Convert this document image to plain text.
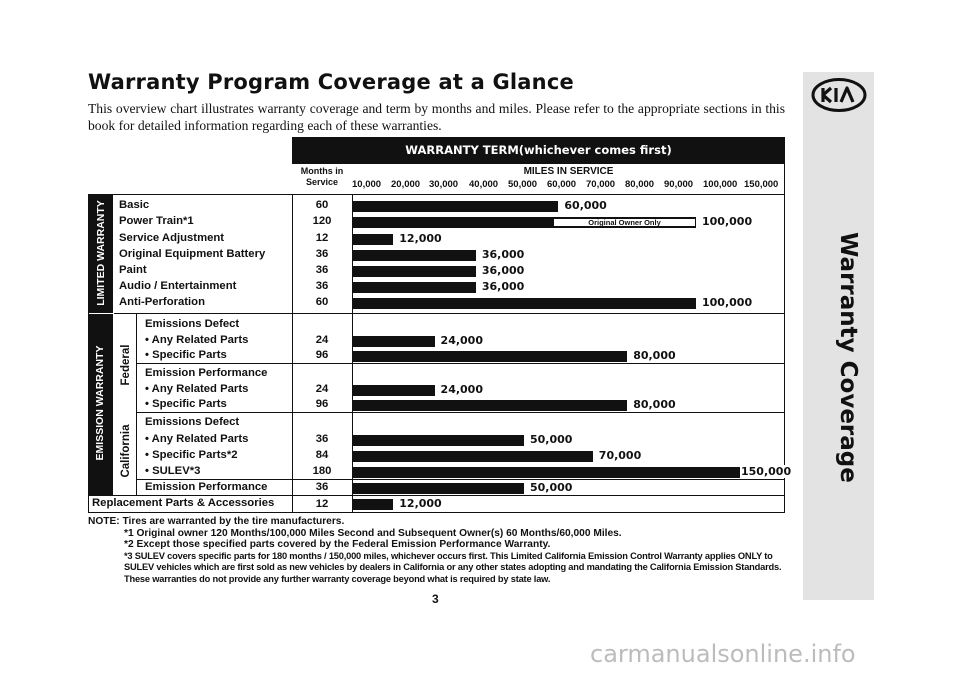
Warranty Program Coverage at a Glance
This overview chart illustrates warranty coverage and term by months and miles. Please refer to the appropriate sections in this book for detailed information regarding each of these warranties.
Warranty Coverage
WARRANTY TERM(whichever comes first)
Months in Service
MILES IN SERVICE
10,000 20,000 30,000 40,000 50,000 60,000 70,000 80,000 90,000 100,000 150,000
LIMITED WARRANTY
EMISSION WARRANTY Federal
California
Basic	60	60,000
Power Train*1	120	Original Owner Only	100,000
Service Adjustment	12	12,000
Original Equipment Battery	36	36,000
Paint	36	36,000
Audio / Entertainment	36	36,000
Anti-Perforation	60	100,000
Emissions Defect
• Any Related Parts	24	24,000
• Specific Parts	96	80,000
Emission Performance
• Any Related Parts	24	24,000
• Specific Parts	96	80,000
Emissions Defect
• Any Related Parts	36	50,000
• Specific Parts*2	84	70,000
• SULEV*3	180	150,000
Emission Performance	36	50,000
Replacement Parts & Accessories	12	12,000
NOTE: Tires are warranted by the tire manufacturers.
*1 Original owner 120 Months/100,000 Miles Second and Subsequent Owner(s) 60 Months/60,000 Miles.
*2 Except those specified parts covered by the Federal Emission Performance Warranty.
*3 SULEV covers specific parts for 180 months / 150,000 miles, whichever occurs first. This Limited California Emission Control Warranty applies ONLY to SULEV vehicles which are first sold as new vehicles by dealers in California or any other states adopting and mandating the California Emission Standards. These warranties do not provide any further warranty coverage beyond what is required by state law.
3
carmanualsonline.info
